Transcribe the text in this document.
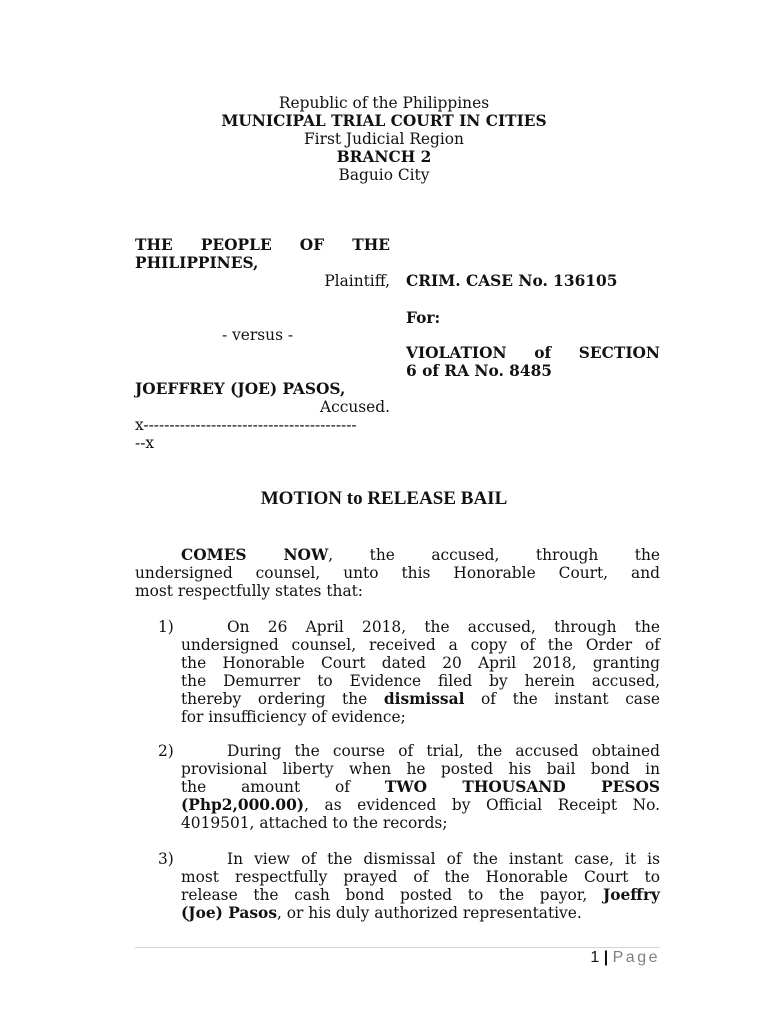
Republic of the Philippines
MUNICIPAL TRIAL COURT IN CITIES
First Judicial Region
BRANCH 2
Baguio City
THE PEOPLE OF THE
PHILIPPINES,
Plaintiff,
- versus -
JOEFFREY (JOE) PASOS,
Accused.
x-----------------------------------------
--x
CRIM. CASE No. 136105
For:
VIOLATION of SECTION
6 of RA No. 8485
MOTION to RELEASE BAIL
COMES NOW, the accused, through the
undersigned counsel, unto this Honorable Court, and
most respectfully states that:
1)	On 26 April 2018, the accused, through the
undersigned counsel, received a copy of the Order of
the Honorable Court dated 20 April 2018, granting
the Demurrer to Evidence filed by herein accused,
thereby ordering the dismissal of the instant case
for insufficiency of evidence;
2)	During the course of trial, the accused obtained
provisional liberty when he posted his bail bond in
the amount of TWO THOUSAND PESOS
(Php2,000.00), as evidenced by Official Receipt No.
4019501, attached to the records;
3)	In view of the dismissal of the instant case, it is
most respectfully prayed of the Honorable Court to
release the cash bond posted to the payor, Joeffry
(Joe) Pasos, or his duly authorized representative.
1 | Page
